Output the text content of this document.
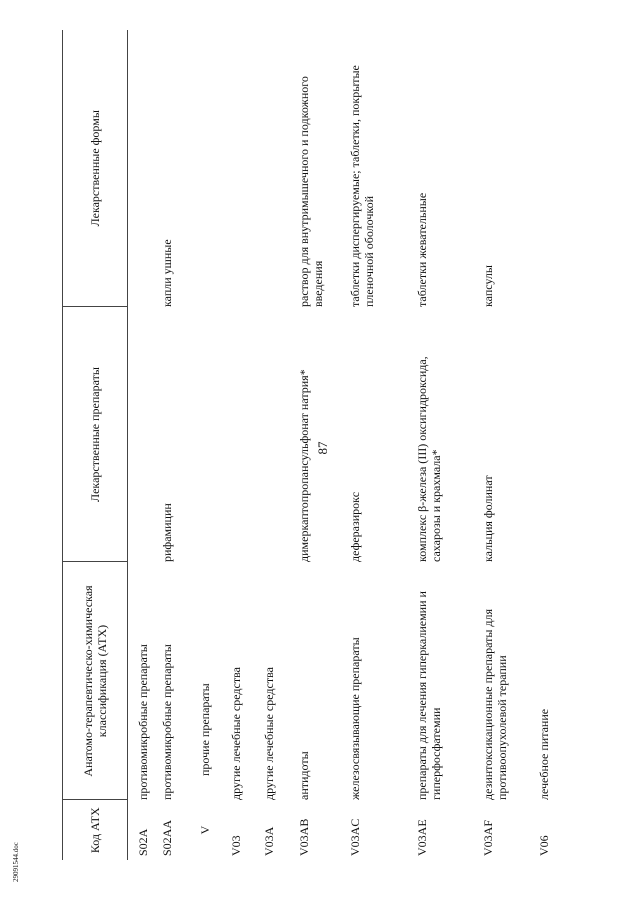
87
Код АТХ	Анатомо-терапевтическо-химическая классификация (АТХ)	Лекарственные препараты	Лекарственные формы
S02A	противомикробные препараты		
S02AA	противомикробные препараты	рифамицин	капли ушные
V	прочие препараты		
V03	другие лечебные средства		
V03A	другие лечебные средства		
V03AB	антидоты	димеркаптопропансульфонат натрия*	раствор для внутримышечного и подкожного введения
V03AC	железосвязывающие препараты	деферазирокс	таблетки диспергируемые; таблетки, покрытые пленочной оболочкой
V03AE	препараты для лечения гиперкалиемии и гиперфосфатемии	комплекс β-железа (III) оксигидроксида, сахарозы и крахмала*	таблетки жевательные
V03AF	дезинтоксикационные препараты для противоопухолевой терапии	кальция фолинат	капсулы
V06	лечебное питание		
29091544.doc
